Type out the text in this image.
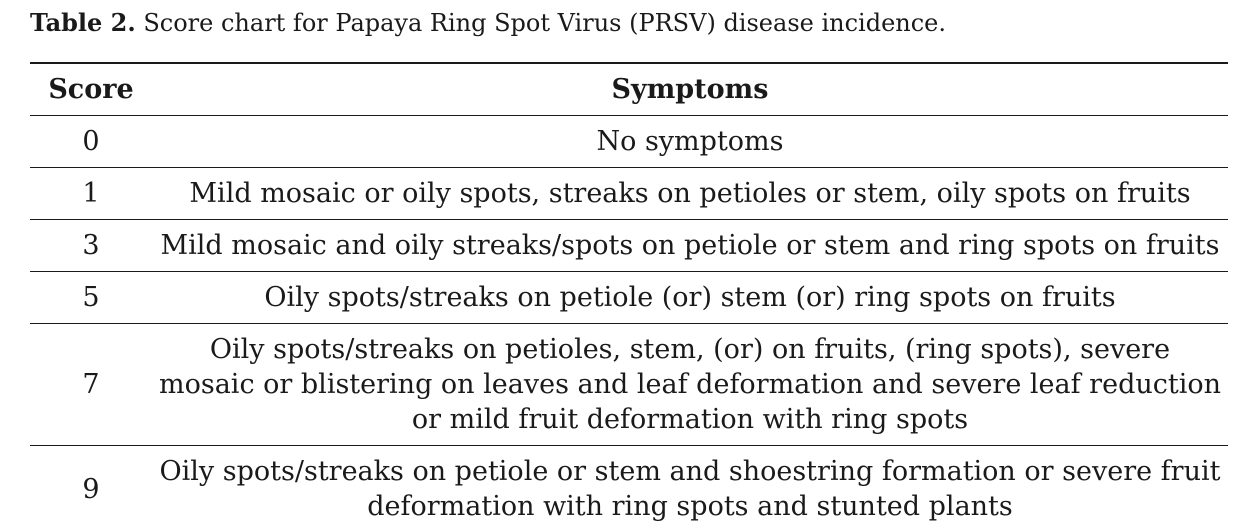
Table 2. Score chart for Papaya Ring Spot Virus (PRSV) disease incidence.
Score	Symptoms
0	No symptoms
1	Mild mosaic or oily spots, streaks on petioles or stem, oily spots on fruits
3	Mild mosaic and oily streaks/spots on petiole or stem and ring spots on fruits
5	Oily spots/streaks on petiole (or) stem (or) ring spots on fruits
7	Oily spots/streaks on petioles, stem, (or) on fruits, (ring spots), severe mosaic or blistering on leaves and leaf deformation and severe leaf reduction or mild fruit deformation with ring spots
9	Oily spots/streaks on petiole or stem and shoestring formation or severe fruit deformation with ring spots and stunted plants
